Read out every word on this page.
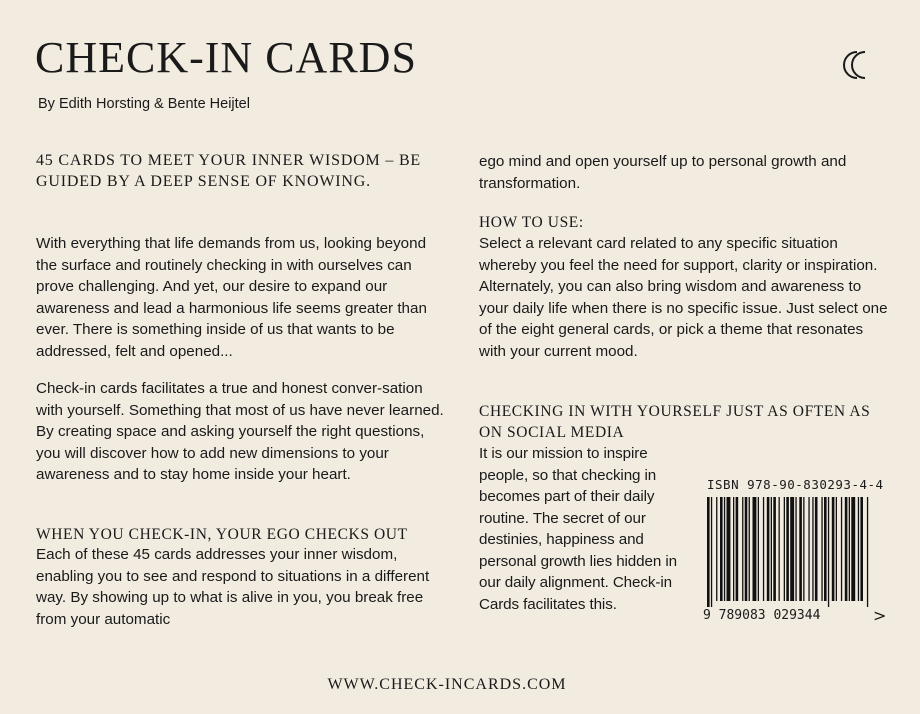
CHECK-IN CARDS
By Edith Horsting & Bente Heijtel
45 CARDS TO MEET YOUR INNER WISDOM – BE GUIDED BY A DEEP SENSE OF KNOWING.
With everything that life demands from us, looking beyond the surface and routinely checking in with ourselves can prove challenging. And yet, our desire to expand our awareness and lead a harmonious life seems greater than ever. There is something inside of us that wants to be addressed, felt and opened...
Check-in cards facilitates a true and honest conver-sation with yourself. Something that most of us have never learned. By creating space and asking yourself the right questions, you will discover how to add new dimensions to your awareness and to stay home inside your heart.
WHEN YOU CHECK-IN, YOUR EGO CHECKS OUT
Each of these 45 cards addresses your inner wisdom, enabling you to see and respond to situations in a different way. By showing up to what is alive in you, you break free from your automatic
ego mind and open yourself up to personal growth and transformation.
HOW TO USE:
Select a relevant card related to any specific situation whereby you feel the need for support, clarity or inspiration. Alternately, you can also bring wisdom and awareness to your daily life when there is no specific issue. Just select one of the eight general cards, or pick a theme that resonates with your current mood.
CHECKING IN WITH YOURSELF JUST AS OFTEN AS ON SOCIAL MEDIA
It is our mission to inspire people, so that checking in becomes part of their daily routine. The secret of our destinies, happiness and personal growth lies hidden in our daily alignment. Check-in Cards facilitates this.
ISBN 978-90-830293-4-4
9 789083 029344	>
WWW.CHECK-INCARDS.COM
